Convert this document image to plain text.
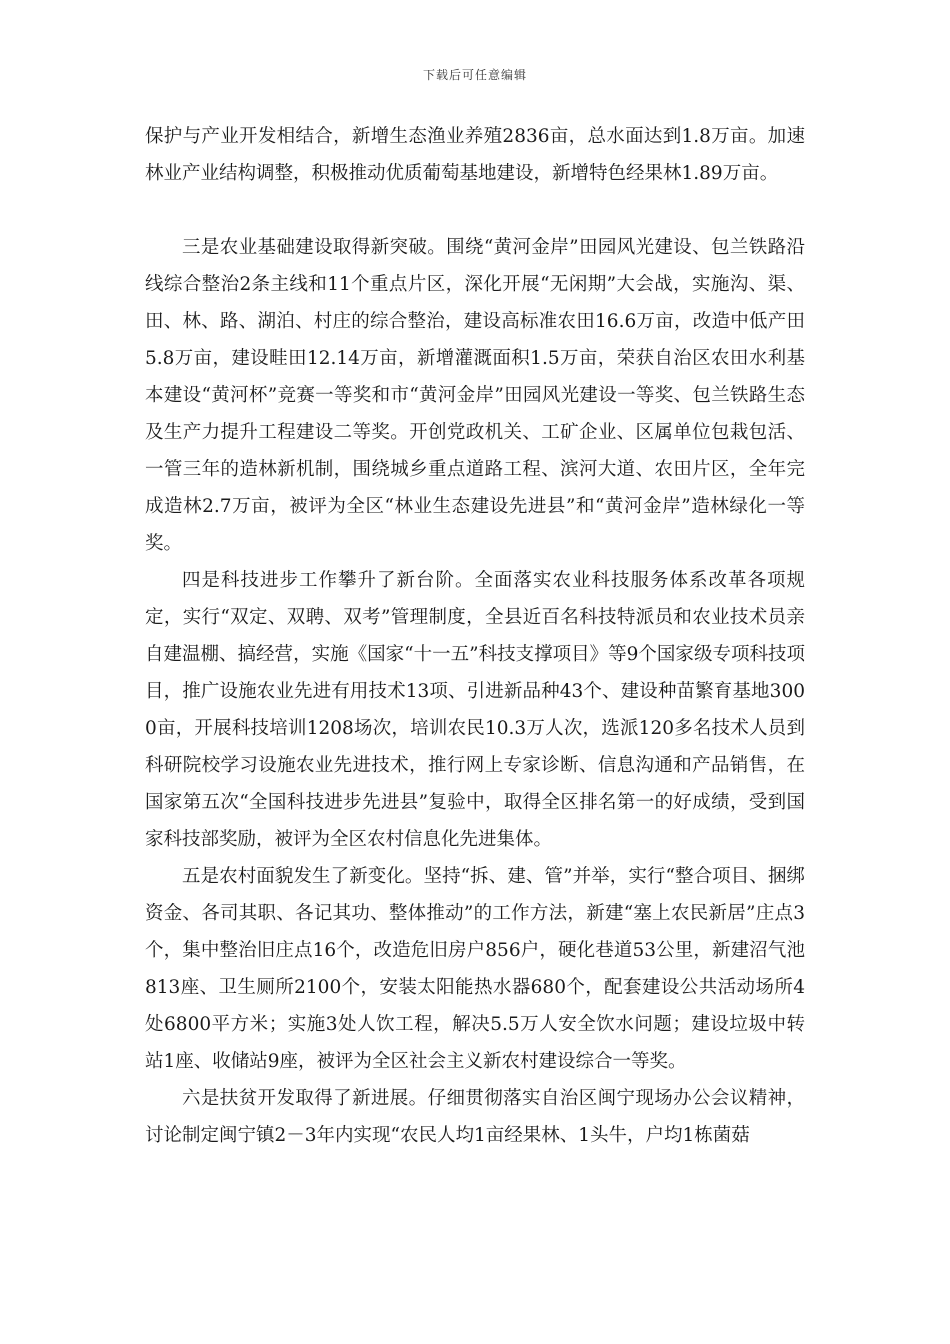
下载后可任意编辑

保护与产业开发相结合，新增生态渔业养殖2836亩，总水面达到1.8万亩。加速林业产业结构调整，积极推动优质葡萄基地建设，新增特色经果林1.89万亩。

三是农业基础建设取得新突破。围绕“黄河金岸”田园风光建设、包兰铁路沿线综合整治2条主线和11个重点片区，深化开展“无闲期”大会战，实施沟、渠、田、林、路、湖泊、村庄的综合整治，建设高标准农田16.6万亩，改造中低产田5.8万亩，建设畦田12.14万亩，新增灌溉面积1.5万亩，荣获自治区农田水利基本建设“黄河杯”竞赛一等奖和市“黄河金岸”田园风光建设一等奖、包兰铁路生态及生产力提升工程建设二等奖。开创党政机关、工矿企业、区属单位包栽包活、一管三年的造林新机制，围绕城乡重点道路工程、滨河大道、农田片区，全年完成造林2.7万亩，被评为全区“林业生态建设先进县”和“黄河金岸”造林绿化一等奖。

四是科技进步工作攀升了新台阶。全面落实农业科技服务体系改革各项规定，实行“双定、双聘、双考”管理制度，全县近百名科技特派员和农业技术员亲自建温棚、搞经营，实施《国家“十一五”科技支撑项目》等9个国家级专项科技项目，推广设施农业先进有用技术13项、引进新品种43个、建设种苗繁育基地3000亩，开展科技培训1208场次，培训农民10.3万人次，选派120多名技术人员到科研院校学习设施农业先进技术，推行网上专家诊断、信息沟通和产品销售，在国家第五次“全国科技进步先进县”复验中，取得全区排名第一的好成绩，受到国家科技部奖励，被评为全区农村信息化先进集体。

五是农村面貌发生了新变化。坚持“拆、建、管”并举，实行“整合项目、捆绑资金、各司其职、各记其功、整体推动”的工作方法，新建“塞上农民新居”庄点3个，集中整治旧庄点16个，改造危旧房户856户，硬化巷道53公里，新建沼气池813座、卫生厕所2100个，安装太阳能热水器680个，配套建设公共活动场所4处6800平方米；实施3处人饮工程，解决5.5万人安全饮水问题；建设垃圾中转站1座、收储站9座，被评为全区社会主义新农村建设综合一等奖。

六是扶贫开发取得了新进展。仔细贯彻落实自治区闽宁现场办公会议精神，讨论制定闽宁镇2－3年内实现“农民人均1亩经果林、1头牛，户均1栋菌菇
